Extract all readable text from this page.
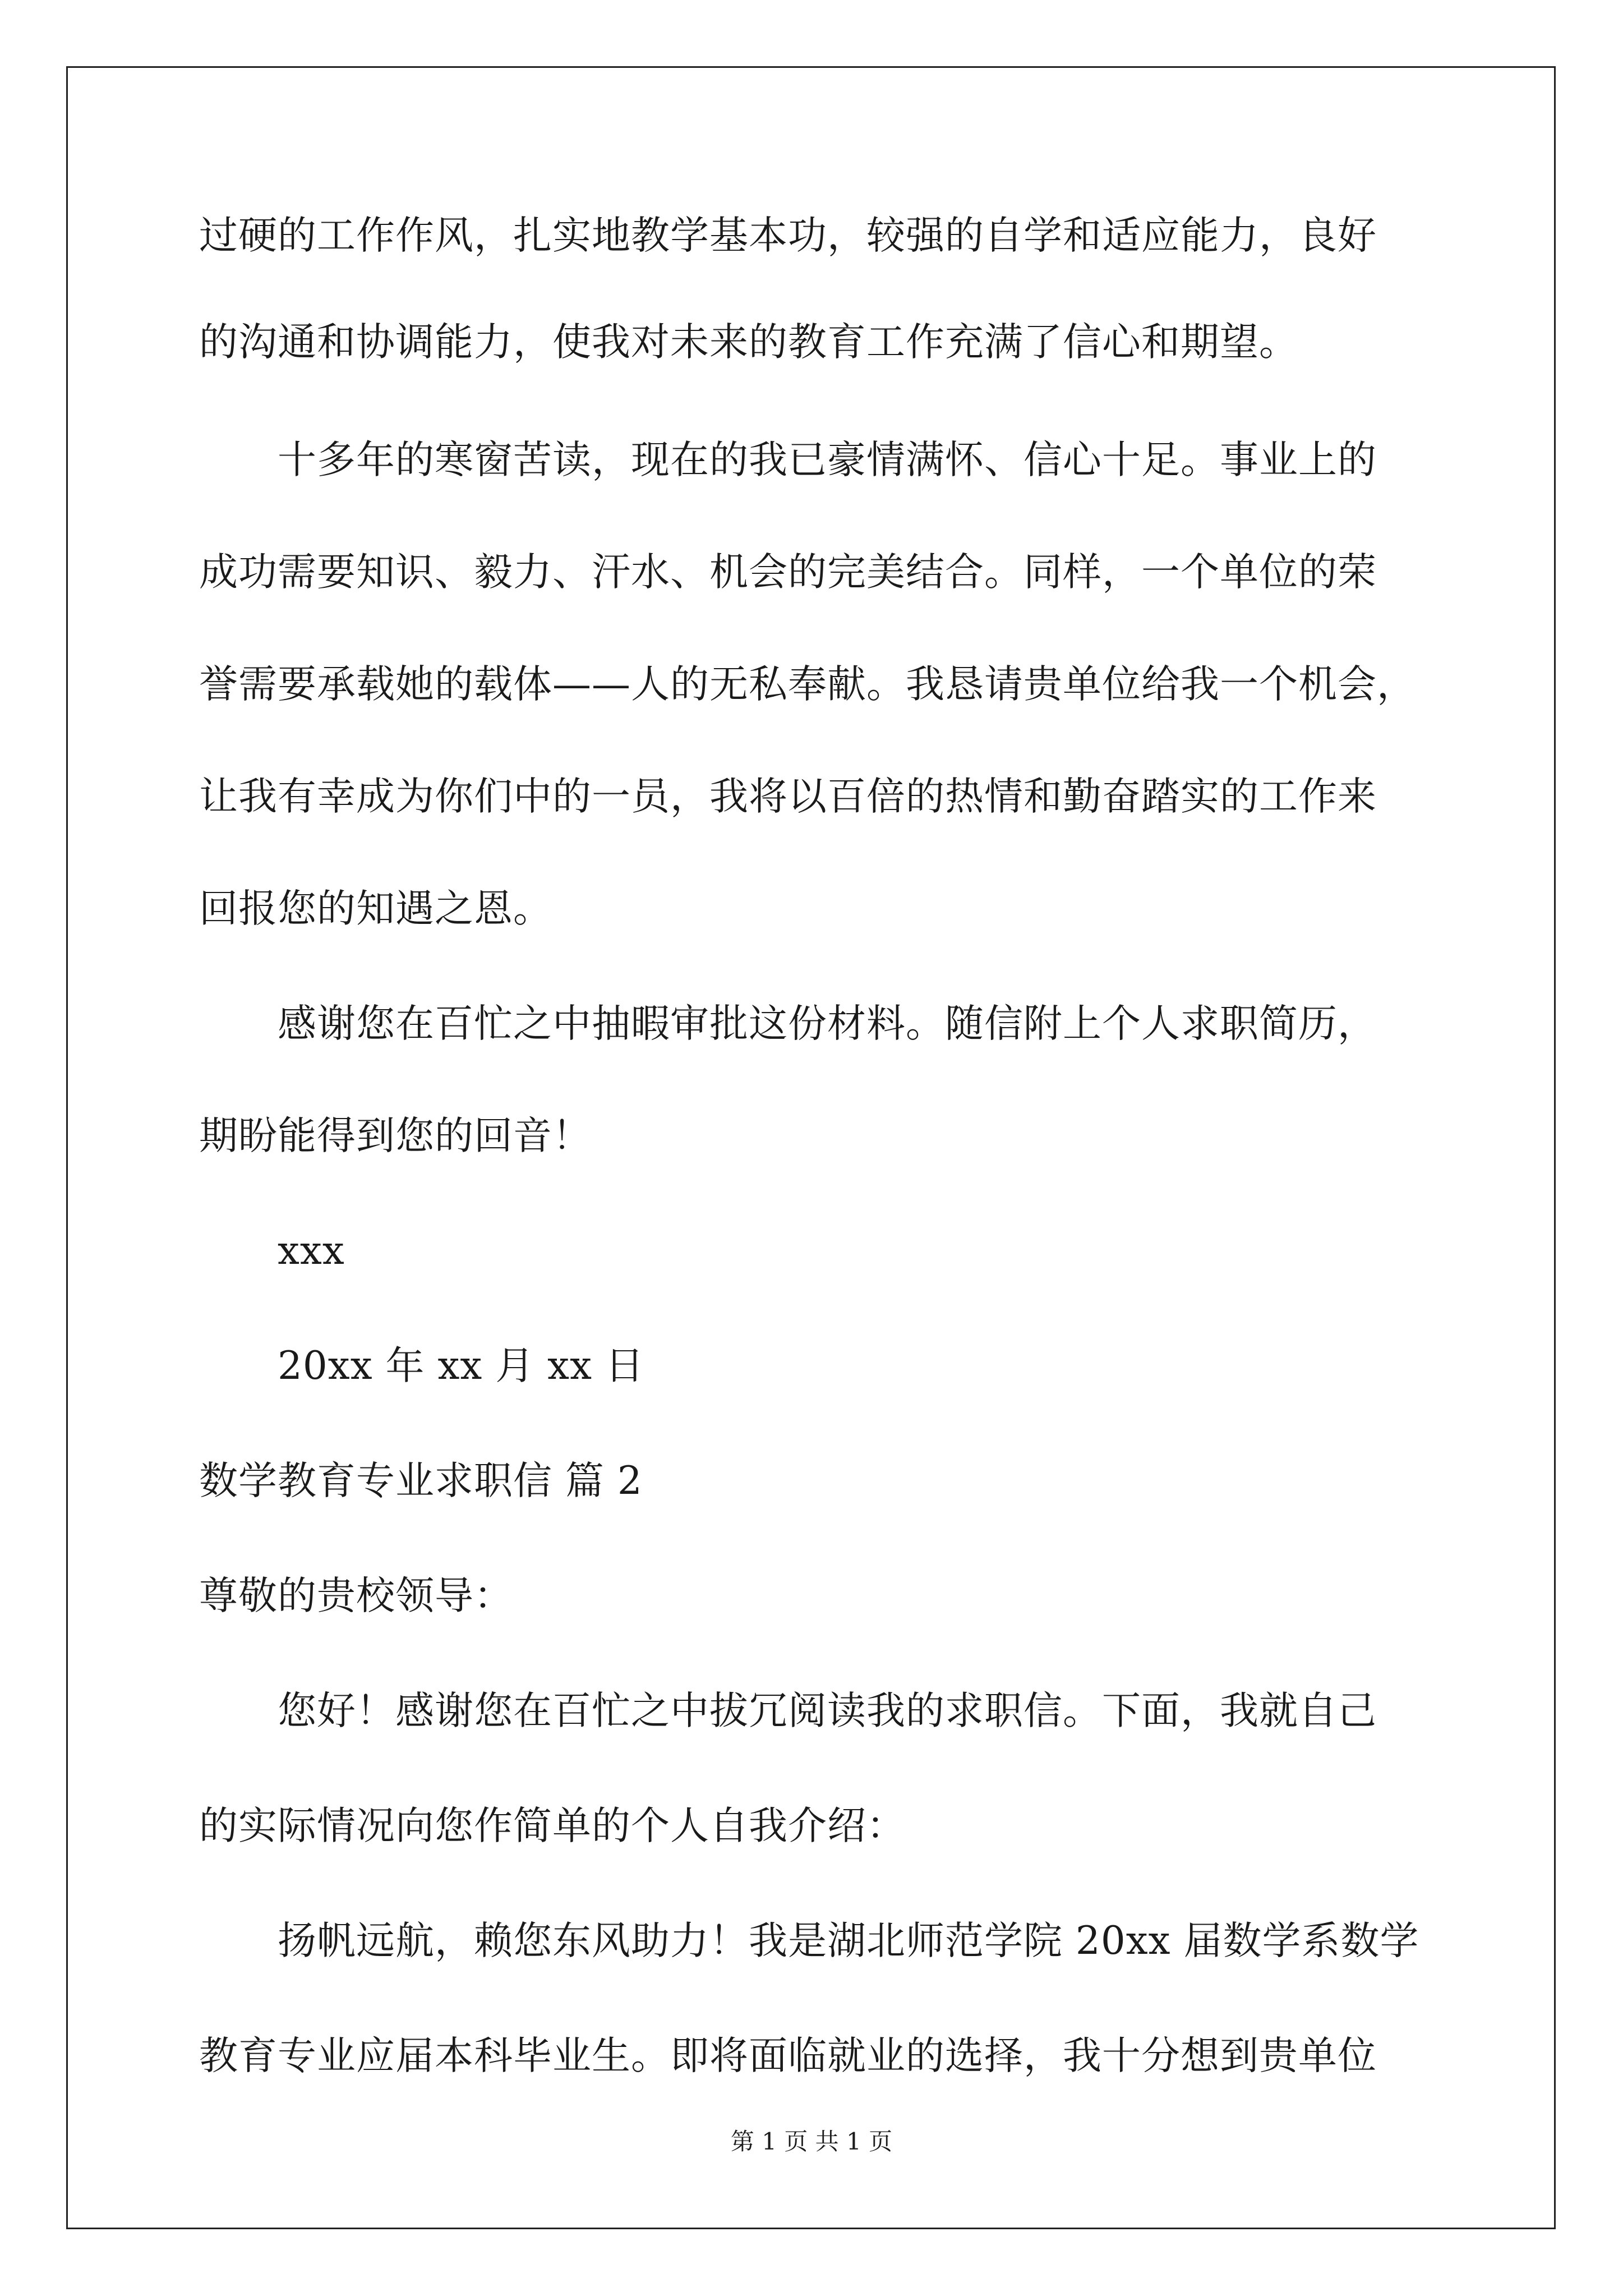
过硬的工作作风，扎实地教学基本功，较强的自学和适应能力，良好
的沟通和协调能力，使我对未来的教育工作充满了信心和期望。
十多年的寒窗苦读，现在的我已豪情满怀、信心十足。事业上的
成功需要知识、毅力、汗水、机会的完美结合。同样，一个单位的荣
誉需要承载她的载体——人的无私奉献。我恳请贵单位给我一个机会，
让我有幸成为你们中的一员，我将以百倍的热情和勤奋踏实的工作来
回报您的知遇之恩。
感谢您在百忙之中抽暇审批这份材料。随信附上个人求职简历，
期盼能得到您的回音！
xxx
20xx 年 xx 月 xx 日
数学教育专业求职信 篇 2
尊敬的贵校领导：
您好！感谢您在百忙之中拔冗阅读我的求职信。下面，我就自己
的实际情况向您作简单的个人自我介绍：
扬帆远航，赖您东风助力！我是湖北师范学院 20xx 届数学系数学
教育专业应届本科毕业生。即将面临就业的选择，我十分想到贵单位
第 1 页 共 1 页
